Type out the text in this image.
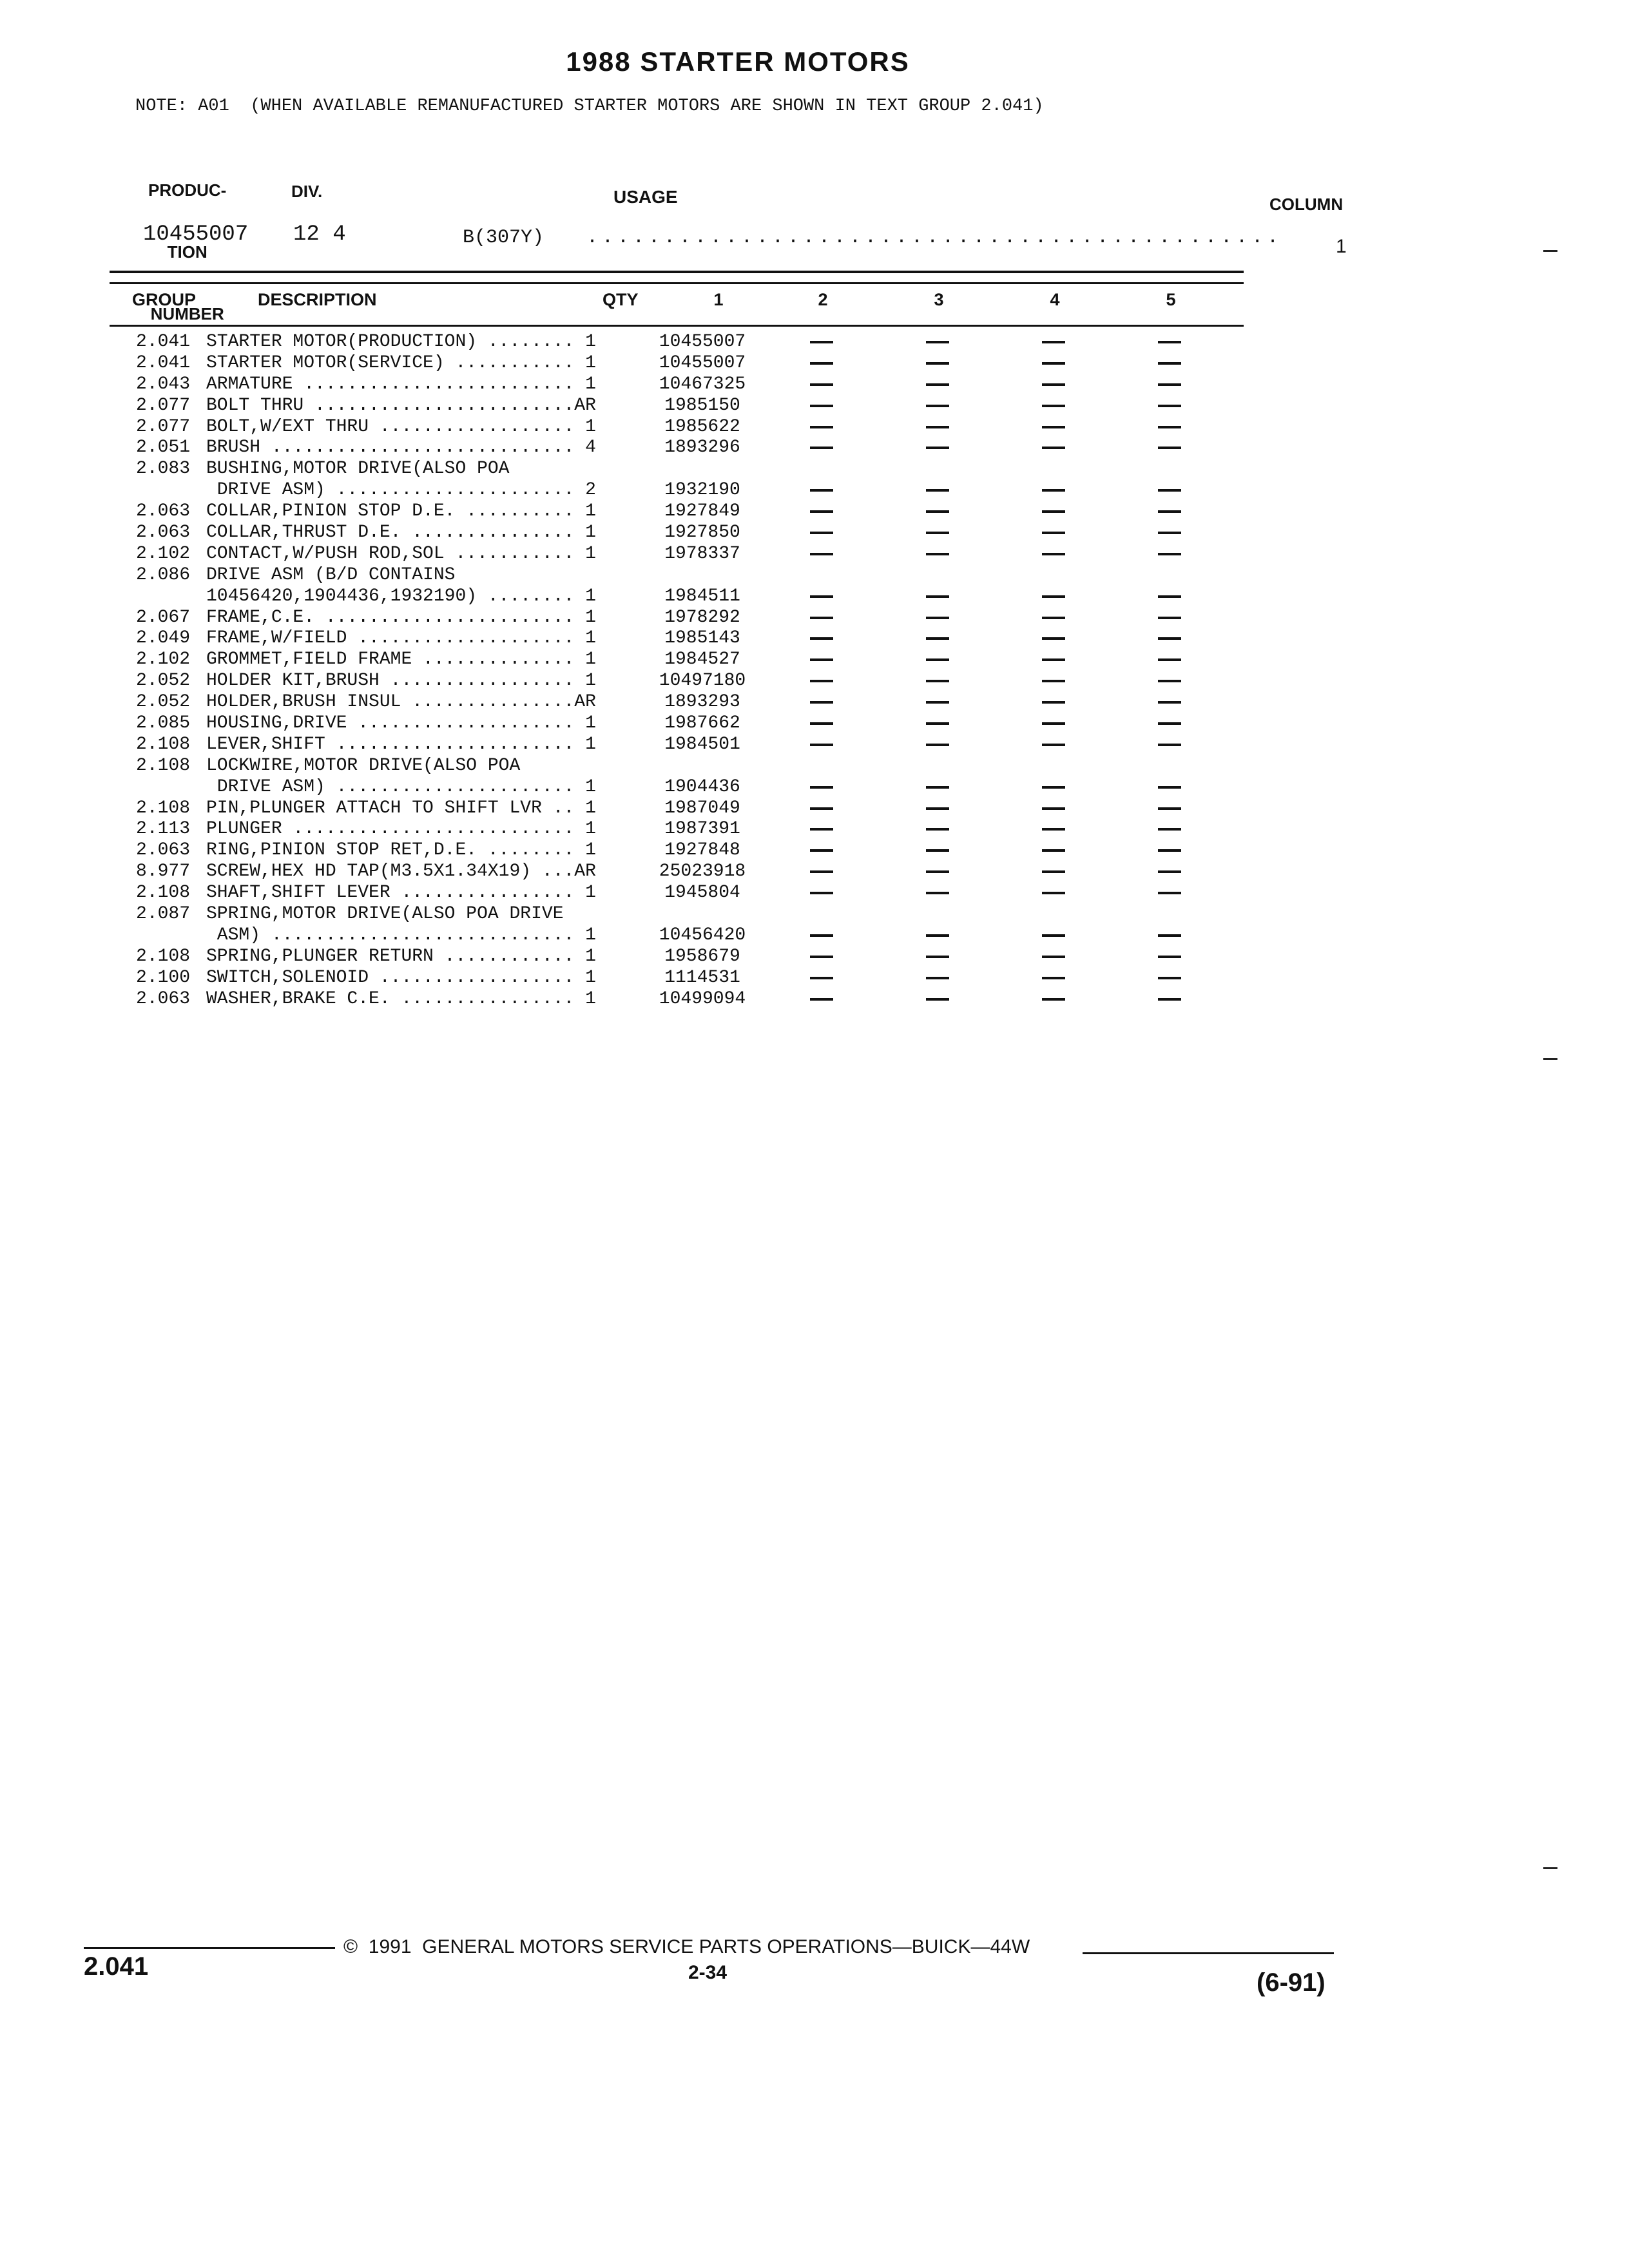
1988 STARTER MOTORS
NOTE: A01  (WHEN AVAILABLE REMANUFACTURED STARTER MOTORS ARE SHOWN IN TEXT GROUP 2.041)

PRODUC-

TION

NUMBER

DIV.	USAGE	COLUMN
10455007 12 4	B(307Y) .............................................	1
GROUP	DESCRIPTION	QTY	1	2	3	4	5
2.041 STARTER MOTOR(PRODUCTION) ........ 1	10455007
2.041 STARTER MOTOR(SERVICE) ........... 1	10455007
2.043 ARMATURE ......................... 1	10467325
2.077 BOLT THRU ........................AR	1985150
2.077 BOLT,W/EXT THRU .................. 1	1985622
2.051 BRUSH ............................ 4	1893296
2.083 BUSHING,MOTOR DRIVE(ALSO POA
DRIVE ASM) ...................... 2	1932190
2.063 COLLAR,PINION STOP D.E. .......... 1	1927849
2.063 COLLAR,THRUST D.E. ............... 1	1927850
2.102 CONTACT,W/PUSH ROD,SOL ........... 1	1978337
2.086 DRIVE ASM (B/D CONTAINS
10456420,1904436,1932190) ........ 1	1984511
2.067 FRAME,C.E. ....................... 1	1978292
2.049 FRAME,W/FIELD .................... 1	1985143
2.102 GROMMET,FIELD FRAME .............. 1	1984527
2.052 HOLDER KIT,BRUSH ................. 1	10497180
2.052 HOLDER,BRUSH INSUL ...............AR	1893293
2.085 HOUSING,DRIVE .................... 1	1987662
2.108 LEVER,SHIFT ...................... 1	1984501
2.108 LOCKWIRE,MOTOR DRIVE(ALSO POA
DRIVE ASM) ...................... 1	1904436
2.108 PIN,PLUNGER ATTACH TO SHIFT LVR .. 1	1987049
2.113 PLUNGER .......................... 1	1987391
2.063 RING,PINION STOP RET,D.E. ........ 1	1927848
8.977 SCREW,HEX HD TAP(M3.5X1.34X19) ...AR	25023918
2.108 SHAFT,SHIFT LEVER ................ 1	1945804
2.087 SPRING,MOTOR DRIVE(ALSO POA DRIVE
ASM) ............................ 1	10456420
2.108 SPRING,PLUNGER RETURN ............ 1	1958679
2.100 SWITCH,SOLENOID .................. 1	1114531
2.063 WASHER,BRAKE C.E. ................ 1	10499094
©  1991  GENERAL MOTORS SERVICE PARTS OPERATIONS—BUICK—44W
2-34
2.041
(6-91)
